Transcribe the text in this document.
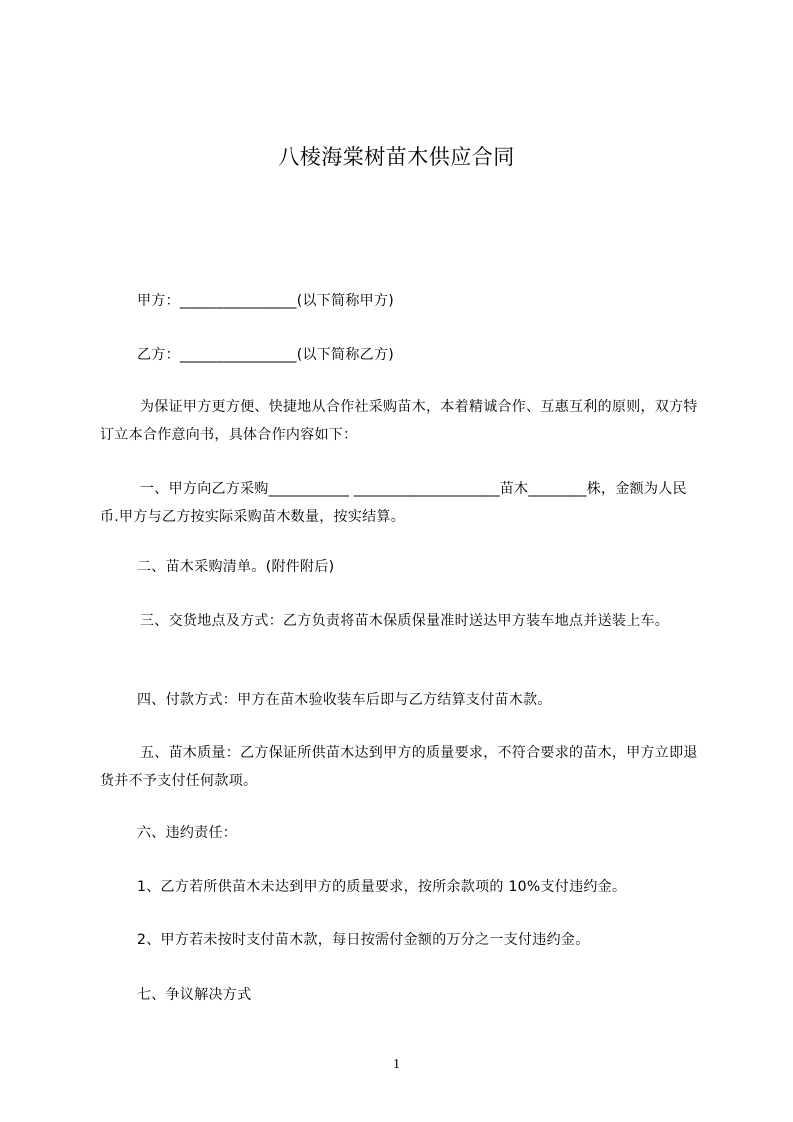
八棱海棠树苗木供应合同
甲方：________________(以下简称甲方)
乙方：________________(以下简称乙方)
为保证甲方更方便、快捷地从合作社采购苗木，本着精诚合作、互惠互利的原则，双方特订立本合作意向书，具体合作内容如下：
一、甲方向乙方采购___________ ____________________苗木________株，金额为人民币.甲方与乙方按实际采购苗木数量，按实结算。
二、苗木采购清单。(附件附后)
三、交货地点及方式：乙方负责将苗木保质保量准时送达甲方装车地点并送装上车。
四、付款方式：甲方在苗木验收装车后即与乙方结算支付苗木款。
五、苗木质量：乙方保证所供苗木达到甲方的质量要求，不符合要求的苗木，甲方立即退货并不予支付任何款项。
六、违约责任：
1、乙方若所供苗木未达到甲方的质量要求，按所余款项的 10%支付违约金。
2、甲方若未按时支付苗木款，每日按需付金额的万分之一支付违约金。
七、争议解决方式
1
